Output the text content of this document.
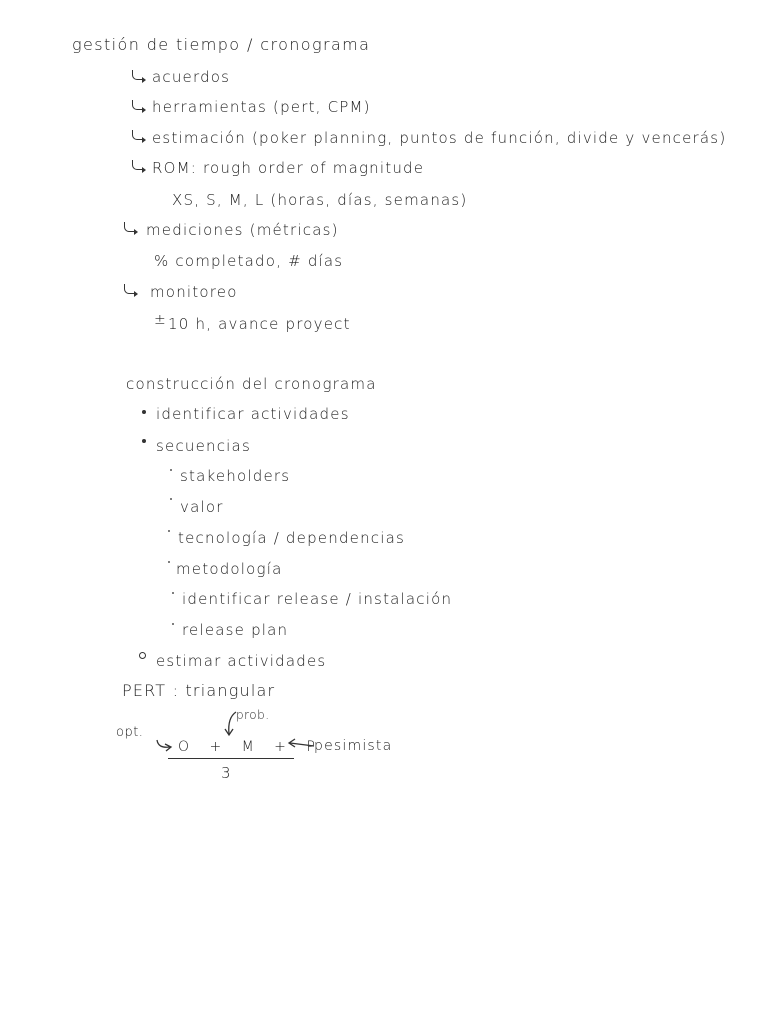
gestión de tiempo / cronograma
acuerdos
herramientas (pert, CPM)
estimación (poker planning, puntos de función, divide y vencerás)
ROM: rough order of magnitude
XS, S, M, L (horas, días, semanas)
mediciones (métricas)
% completado, # días
monitoreo
± 10 h, avance proyect
construcción del cronograma
identificar actividades
secuencias
stakeholders
valor
tecnología / dependencias
metodología
identificar release / instalación
release plan
estimar actividades
PERT : triangular
prob.
opt.
O + M + P
pesimista
3
